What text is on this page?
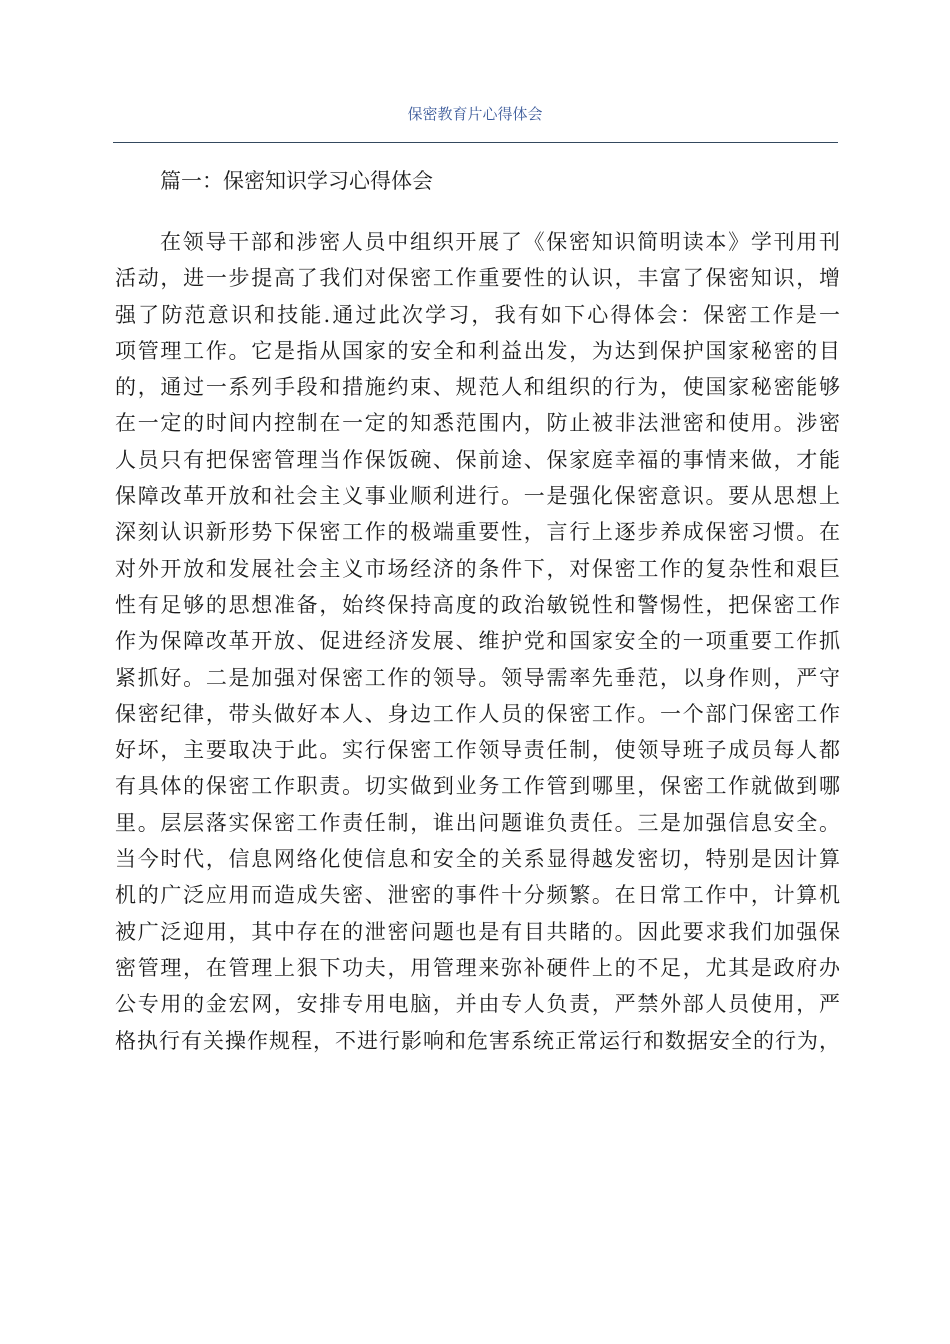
保密教育片心得体会
篇一：保密知识学习心得体会
在领导干部和涉密人员中组织开展了《保密知识简明读本》学刊用刊
活动，进一步提高了我们对保密工作重要性的认识，丰富了保密知识，增
强了防范意识和技能.通过此次学习，我有如下心得体会：保密工作是一
项管理工作。它是指从国家的安全和利益出发，为达到保护国家秘密的目
的，通过一系列手段和措施约束、规范人和组织的行为，使国家秘密能够
在一定的时间内控制在一定的知悉范围内，防止被非法泄密和使用。涉密
人员只有把保密管理当作保饭碗、保前途、保家庭幸福的事情来做，才能
保障改革开放和社会主义事业顺利进行。一是强化保密意识。要从思想上
深刻认识新形势下保密工作的极端重要性，言行上逐步养成保密习惯。在
对外开放和发展社会主义市场经济的条件下，对保密工作的复杂性和艰巨
性有足够的思想准备，始终保持高度的政治敏锐性和警惕性，把保密工作
作为保障改革开放、促进经济发展、维护党和国家安全的一项重要工作抓
紧抓好。二是加强对保密工作的领导。领导需率先垂范，以身作则，严守
保密纪律，带头做好本人、身边工作人员的保密工作。一个部门保密工作
好坏，主要取决于此。实行保密工作领导责任制，使领导班子成员每人都
有具体的保密工作职责。切实做到业务工作管到哪里，保密工作就做到哪
里。层层落实保密工作责任制，谁出问题谁负责任。三是加强信息安全。
当今时代，信息网络化使信息和安全的关系显得越发密切，特别是因计算
机的广泛应用而造成失密、泄密的事件十分频繁。在日常工作中，计算机
被广泛迎用，其中存在的泄密问题也是有目共睹的。因此要求我们加强保
密管理，在管理上狠下功夫，用管理来弥补硬件上的不足，尤其是政府办
公专用的金宏网，安排专用电脑，并由专人负责，严禁外部人员使用，严
格执行有关操作规程，不进行影响和危害系统正常运行和数据安全的行为，
